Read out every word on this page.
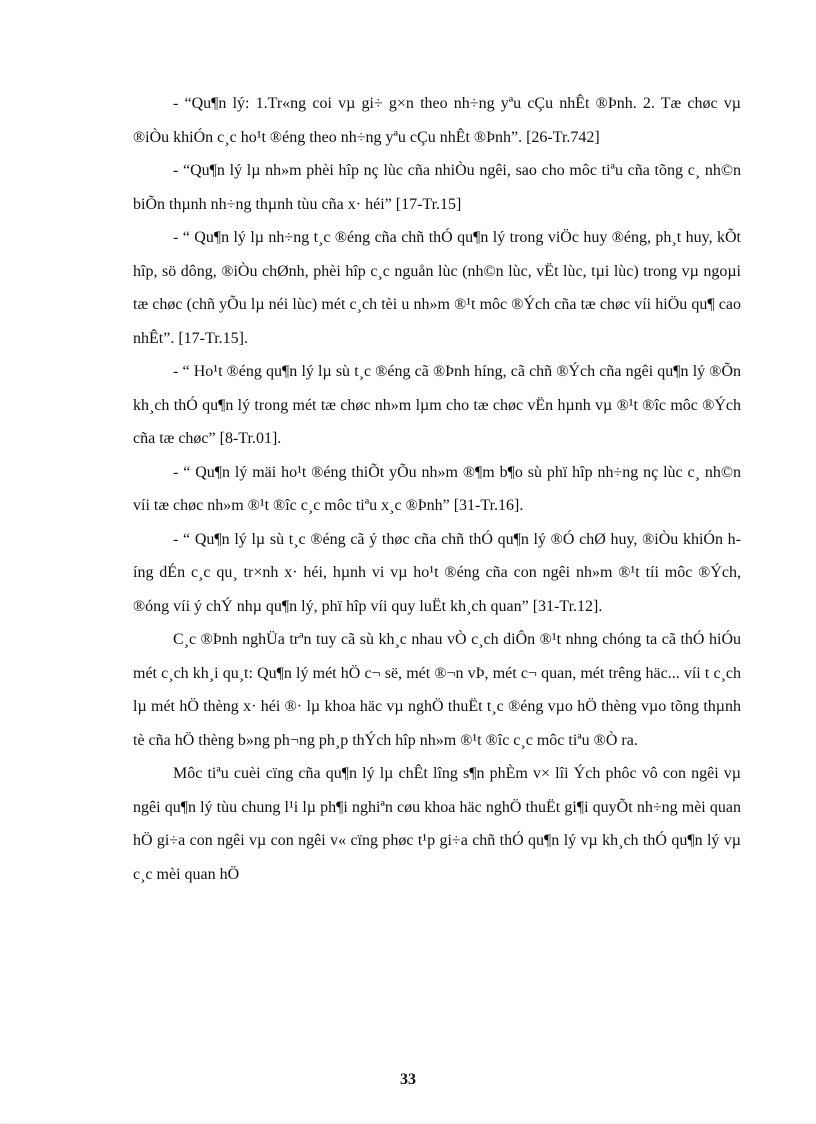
- “Qu¶n lý: 1.Tr«ng coi vµ gi÷ g×n theo nh÷ng yªu cÇu nhÊt ®Þnh. 2. Tæ chøc vµ ®iÒu khiÓn c¸c ho¹t ®éng theo nh÷ng yªu cÇu nhÊt ®Þnh”. [26-Tr.742]

- “Qu¶n lý lµ nh»m phèi hîp nç lùc cña nhiÒu ngêi, sao cho môc tiªu cña tõng c¸ nh©n biÕn thµnh nh÷ng thµnh tùu cña x· héi” [17-Tr.15]

- “ Qu¶n lý lµ nh÷ng t¸c ®éng cña chñ thÓ qu¶n lý trong viÖc huy ®éng, ph¸t huy, kÕt hîp, sö dông, ®iÒu chØnh, phèi hîp c¸c nguån lùc (nh©n lùc, vËt lùc, tµi lùc) trong vµ ngoµi tæ chøc (chñ yÕu lµ néi lùc) mét c¸ch tèi u nh»m ®¹t môc ®Ých cña tæ chøc víi hiÖu qu¶ cao nhÊt”. [17-Tr.15].

- “ Ho¹t ®éng qu¶n lý lµ sù t¸c ®éng cã ®Þnh híng, cã chñ ®Ých cña ngêi qu¶n lý ®Õn kh¸ch thÓ qu¶n lý trong mét tæ chøc nh»m lµm cho tæ chøc vËn hµnh vµ ®¹t ®îc môc ®Ých cña tæ chøc” [8-Tr.01].

- “ Qu¶n lý mäi ho¹t ®éng thiÕt yÕu nh»m ®¶m b¶o sù phï hîp nh÷ng nç lùc c¸ nh©n víi tæ chøc nh»m ®¹t ®îc c¸c môc tiªu x¸c ®Þnh” [31-Tr.16].

- “ Qu¶n lý lµ sù t¸c ®éng cã ý thøc cña chñ thÓ qu¶n lý ®Ó chØ huy, ®iÒu khiÓn híng dÉn c¸c qu¸ tr×nh x· héi, hµnh vi vµ ho¹t ®éng cña con ngêi nh»m ®¹t tíi môc ®Ých, ®óng víi ý chÝ nhµ qu¶n lý, phï hîp víi quy luËt kh¸ch quan” [31-Tr.12].

C¸c ®Þnh nghÜa trªn tuy cã sù kh¸c nhau vÒ c¸ch diÔn ®¹t nhng chóng ta cã thÓ hiÓu mét c¸ch kh¸i qu¸t: Qu¶n lý mét hÖ c¬ së, mét ®¬n vÞ, mét c¬ quan, mét trêng häc... víi t c¸ch lµ mét hÖ thèng x· héi ®· lµ khoa häc vµ nghÖ thuËt t¸c ®éng vµo hÖ thèng vµo tõng thµnh tè cña hÖ thèng b»ng ph¬ng ph¸p thÝch hîp nh»m ®¹t ®îc c¸c môc tiªu ®Ò ra.

Môc tiªu cuèi cïng cña qu¶n lý lµ chÊt lîng s¶n phÈm v× lîi Ých phôc vô con ngêi vµ ngêi qu¶n lý tùu chung l¹i lµ ph¶i nghiªn cøu khoa häc nghÖ thuËt gi¶i quyÕt nh÷ng mèi quan hÖ gi÷a con ngêi vµ con ngêi v« cïng phøc t¹p gi÷a chñ thÓ qu¶n lý vµ kh¸ch thÓ qu¶n lý vµ c¸c mèi quan hÖ

33
